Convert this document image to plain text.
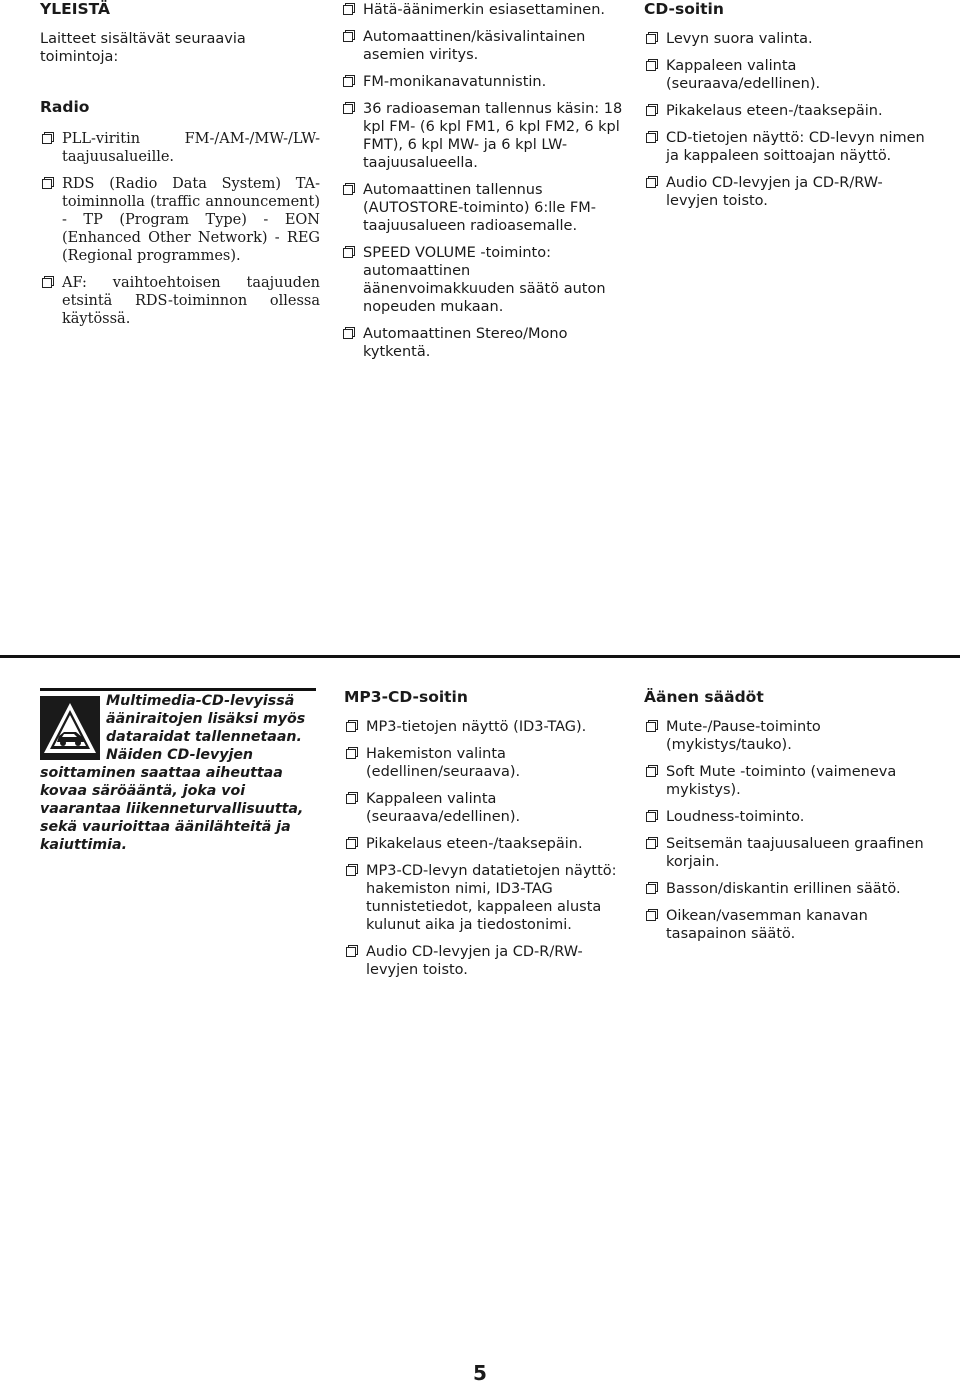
YLEISTÄ

Laitteet sisältävät seuraavia toimintoja:

Radio
PLL-viritin FM-/AM-/MW-/LW- taajuusalueille.
RDS (Radio Data System) TA-toiminnolla (traffic announcement) - TP (Program Type) - EON (Enhanced Other Network) - REG (Regional programmes).
AF: vaihtoehtoisen taajuuden etsintä RDS-toiminnon ollessa käytössä.
Hätä-äänimerkin esiasettaminen.
Automaattinen/käsivalintainen asemien viritys.
FM-monikanavatunnistin.
36 radioaseman tallennus käsin: 18 kpl FM- (6 kpl FM1, 6 kpl FM2, 6 kpl FMT), 6 kpl MW- ja 6 kpl LW-taajuusalueella.
Automaattinen tallennus (AUTOSTORE-toiminto) 6:lle FM-taajuusalueen radioasemalle.
SPEED VOLUME -toiminto: automaattinen äänenvoimakkuuden säätö auton nopeuden mukaan.
Automaattinen Stereo/Mono kytkentä.
CD-soitin
Levyn suora valinta.
Kappaleen valinta (seuraava/edellinen).
Pikakelaus eteen-/taaksepäin.
CD-tietojen näyttö: CD-levyn nimen ja kappaleen soittoajan näyttö.
Audio CD-levyjen ja CD-R/RW-levyjen toisto.
Multimedia-CD-levyissä ääniraitojen lisäksi myös dataraidat tallennetaan. Näiden CD-levyjen soittaminen saattaa aiheuttaa kovaa säröääntä, joka voi vaarantaa liikenneturvallisuutta, sekä vaurioittaa äänilähteitä ja kaiuttimia.
MP3-CD-soitin
MP3-tietojen näyttö (ID3-TAG).
Hakemiston valinta (edellinen/seuraava).
Kappaleen valinta (seuraava/edellinen).
Pikakelaus eteen-/taaksepäin.
MP3-CD-levyn datatietojen näyttö: hakemiston nimi, ID3-TAG tunnistetiedot, kappaleen alusta kulunut aika ja tiedostonimi.
Audio CD-levyjen ja CD-R/RW-levyjen toisto.
Äänen säädöt
Mute-/Pause-toiminto (mykistys/tauko).
Soft Mute -toiminto (vaimeneva mykistys).
Loudness-toiminto.
Seitsemän taajuusalueen graafinen korjain.
Basson/diskantin erillinen säätö.
Oikean/vasemman kanavan tasapainon säätö.
5
